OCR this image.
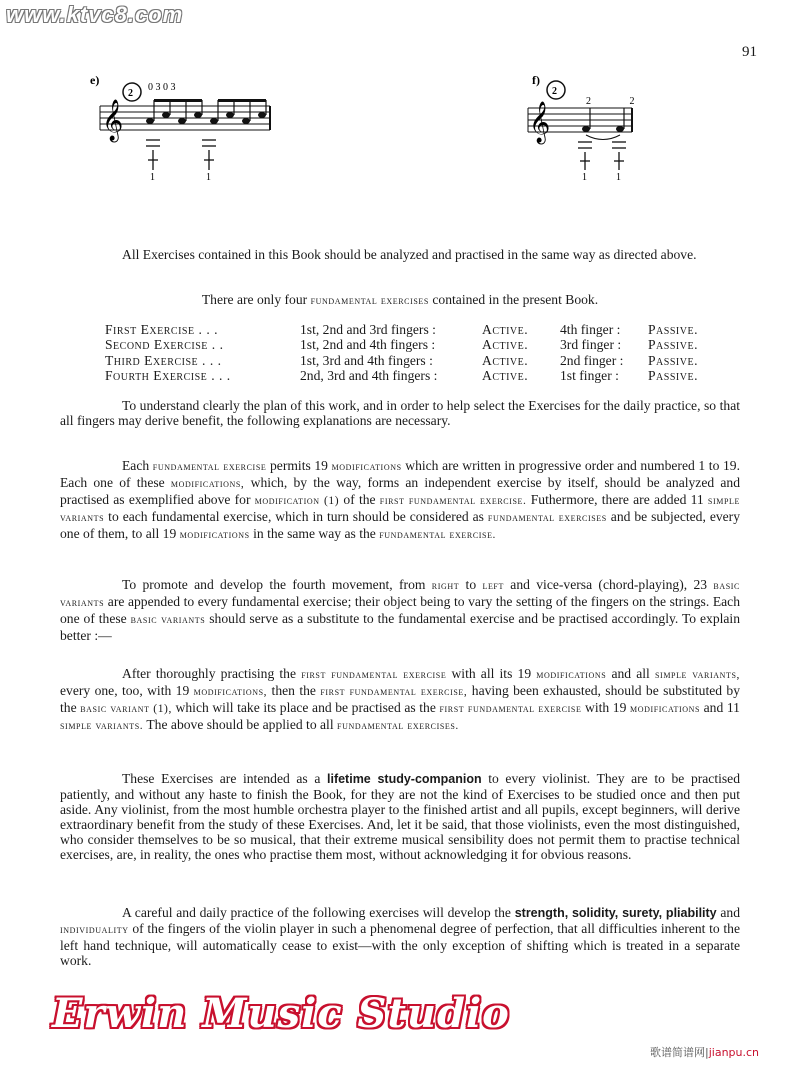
www.ktvc8.com
91
e)
2
0 3 0 3
𝄞
1	1
f)
2
2 2
𝄞
1	1

All Exercises contained in this Book should be analyzed and practised in the same way as directed above.

There are only four fundamental exercises contained in the present Book.

First Exercise . . .	1st, 2nd and 3rd fingers :	Active.	4th finger :	Passive.
Second Exercise . .	1st, 2nd and 4th fingers :	Active.	3rd finger :	Passive.
Third Exercise . . .	1st, 3rd and 4th fingers :	Active.	2nd finger :	Passive.
Fourth Exercise . . .	2nd, 3rd and 4th fingers :	Active.	1st finger :	Passive.

To understand clearly the plan of this work, and in order to help select the Exercises for the daily practice, so that all fingers may derive benefit, the following explanations are necessary.

Each fundamental exercise permits 19 modifications which are written in progressive order and numbered 1 to 19. Each one of these modifications, which, by the way, forms an independent exercise by itself, should be analyzed and practised as exemplified above for modification (1) of the first fundamental exercise. Futhermore, there are added 11 simple variants to each fundamental exercise, which in turn should be considered as fundamental exercises and be subjected, every one of them, to all 19 modifications in the same way as the fundamental exercise.

To promote and develop the fourth movement, from right to left and vice-versa (chord-playing), 23 basic variants are appended to every fundamental exercise; their object being to vary the setting of the fingers on the strings. Each one of these basic variants should serve as a substitute to the fundamental exercise and be practised accordingly. To explain better :—

After thoroughly practising the first fundamental exercise with all its 19 modifications and all simple variants, every one, too, with 19 modifications, then the first fundamental exercise, having been exhausted, should be substituted by the basic variant (1), which will take its place and be practised as the first fundamental exercise with 19 modifications and 11 simple variants. The above should be applied to all fundamental exercises.

These Exercises are intended as a lifetime study-companion to every violinist. They are to be practised patiently, and without any haste to finish the Book, for they are not the kind of Exercises to be studied once and then put aside. Any violinist, from the most humble orchestra player to the finished artist and all pupils, except beginners, will derive extraordinary benefit from the study of these Exercises. And, let it be said, that those violinists, even the most distinguished, who consider themselves to be so musical, that their extreme musical sensibility does not permit them to practise technical exercises, are, in reality, the ones who practise them most, without acknowledging it for obvious reasons.

A careful and daily practice of the following exercises will develop the strength, solidity, surety, pliability and individuality of the fingers of the violin player in such a phenomenal degree of perfection, that all difficulties inherent to the left hand technique, will automatically cease to exist—with the only exception of shifting which is treated in a separate work.

Erwin Music Studio
歌谱简谱网|jianpu.cn
